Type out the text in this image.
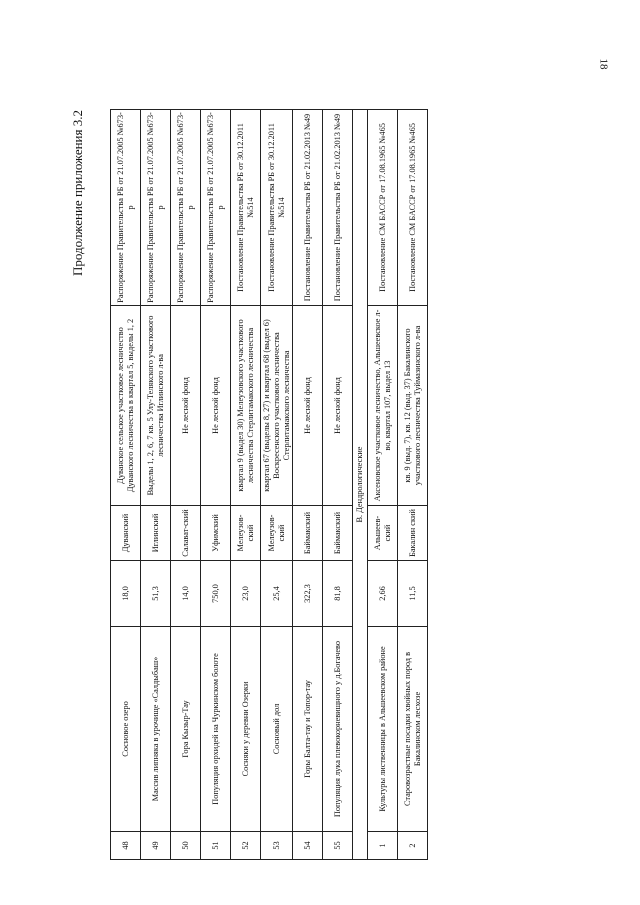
18
Продолжение приложения 3.2
48	Сосновое озеро	18,0	Дуванский	Дуванское сельское участковое лесничество Дуванского лесничества в квартал 5, выделы 1, 2	Распоряжение Правительства РБ от 21.07.2005 №673-р
49	Массив липняка в урочище «Салдыбаш»	51,3	Иглинский	Выделы 1, 2, 6, 7 кв. 5 Улу-Телякского участкового лесничества Иглинского л-ва	Распоряжение Правительства РБ от 21.07.2005 №673-р
50	Гора Кызыр-Тау	14,0	Салават-ский	Не лесной фонд	Распоряжение Правительства РБ от 21.07.2005 №673-р
51	Популяция орхидей на Чуркинском болоте	750,0	Уфимский	Не лесной фонд	Распоряжение Правительства РБ от 21.07.2005 №673-р
52	Сосняки у деревни Озерки	23,0	Мелеузов-ский	квартал 9 (выдел 30) Мелеузовского участкового лесничества Стерлитамакского лесничества	Постановление Правительства РБ от 30.12.2011 №514
53	Сосновый дол	25,4	Мелеузов-ский	квартал 67 (выделы 8, 27) и квартал 68 (выдел 6) Воскресенского участкового лесничества Стерлитамакского лесничества	Постановление Правительства РБ от 30.12.2011 №514
54	Горы Балта-тау и Топор-тау	322,3	Баймакский	Не лесной фонд	Постановление Правительства РБ от 21.02.2013 №49
55	Популяция лука плевокорневищного у д.Богачево	81,8	Баймакский	Не лесной фонд	Постановление Правительства РБ от 21.02.2013 №49
В. Дендрологические					
1	Культуры лиственницы в Альшеевском районе	2,66	Альшеев-ский	Аксеновское участковое лесничество, Альшеевское л-во, квартал 107, выдел 13	Постановление СМ БАССР от 17.08.1965 №465
2	Старовозрастные посадки хвойных пород в Бакалинском лесхозе	11,5	Бакалин ский	кв. 9 (выд. 7), кв. 12 (выд. 37) Бакалинского участкового лесничества Туймазинского л-ва	Постановление СМ БАССР от 17.08.1965 №465
